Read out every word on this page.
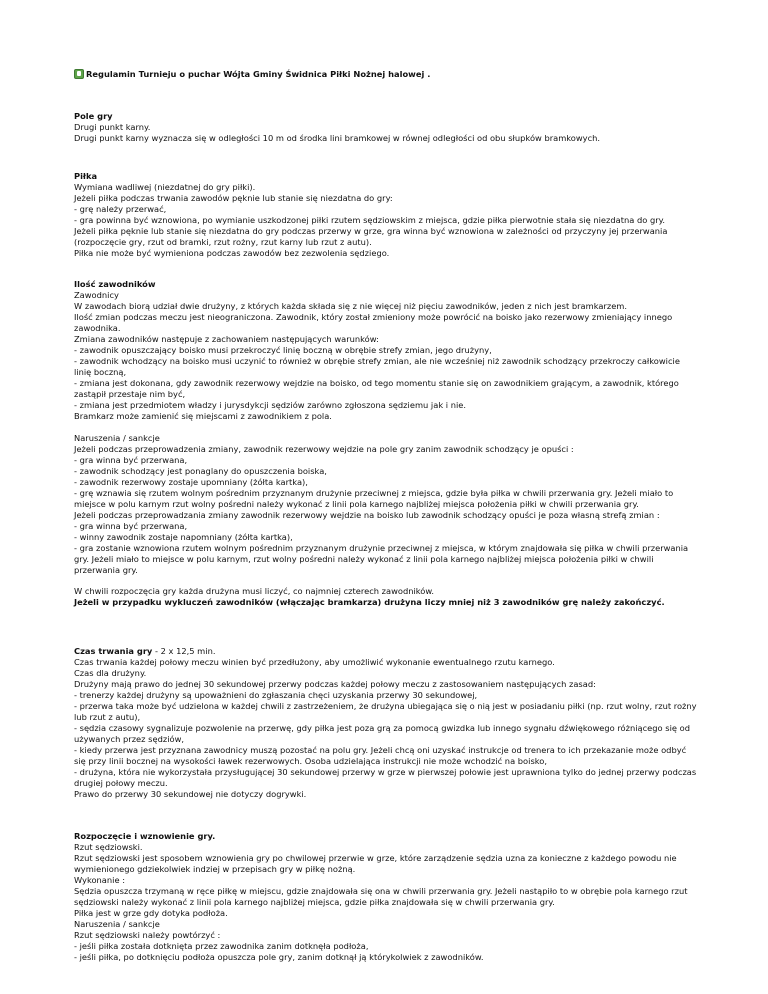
Regulamin Turnieju o puchar Wójta Gminy Świdnica Piłki Nożnej halowej .
Pole gry
Drugi punkt karny.
Drugi punkt karny wyznacza się w odległości 10 m od środka lini bramkowej w równej odległości od obu słupków bramkowych.
Piłka
Wymiana wadliwej (niezdatnej do gry piłki).
Jeżeli piłka podczas trwania zawodów pęknie lub stanie się niezdatna do gry:
- grę należy przerwać,
- gra powinna być wznowiona, po wymianie uszkodzonej piłki rzutem sędziowskim z miejsca, gdzie piłka pierwotnie stała się niezdatna do gry.
Jeżeli piłka pęknie lub stanie się niezdatna do gry podczas przerwy w grze, gra winna być wznowiona w zależności od przyczyny jej przerwania (rozpoczęcie gry, rzut od bramki, rzut rożny, rzut karny lub rzut z autu).
Piłka nie może być wymieniona podczas zawodów bez zezwolenia sędziego.
Ilość zawodników
Zawodnicy
W zawodach biorą udział dwie drużyny, z których każda składa się z nie więcej niż pięciu zawodników, jeden z nich jest bramkarzem.
Ilość zmian podczas meczu jest nieograniczona. Zawodnik, który został zmieniony może powrócić na boisko jako rezerwowy zmieniający innego zawodnika.
Zmiana zawodników następuje z zachowaniem następujących warunków:
- zawodnik opuszczający boisko musi przekroczyć linię boczną w obrębie strefy zmian, jego drużyny,
- zawodnik wchodzący na boisko musi uczynić to również w obrębie strefy zmian, ale nie wcześniej niż zawodnik schodzący przekroczy całkowicie linię boczną,
- zmiana jest dokonana, gdy zawodnik rezerwowy wejdzie na boisko, od tego momentu stanie się on zawodnikiem grającym, a zawodnik, którego zastąpił przestaje nim być,
- zmiana jest przedmiotem władzy i jurysdykcji sędziów zarówno zgłoszona sędziemu jak i nie.
Bramkarz może zamienić się miejscami z zawodnikiem z pola.
Naruszenia / sankcje
Jeżeli podczas przeprowadzenia zmiany, zawodnik rezerwowy wejdzie na pole gry zanim zawodnik schodzący je opuści :
- gra winna być przerwana,
- zawodnik schodzący jest ponaglany do opuszczenia boiska,
- zawodnik rezerwowy zostaje upomniany (żółta kartka),
- grę wznawia się rzutem wolnym pośrednim przyznanym drużynie przeciwnej z miejsca, gdzie była piłka w chwili przerwania gry. Jeżeli miało to miejsce w polu karnym rzut wolny pośredni należy wykonać z linii pola karnego najbliżej miejsca położenia piłki w chwili przerwania gry.
Jeżeli podczas przeprowadzania zmiany zawodnik rezerwowy wejdzie na boisko lub zawodnik schodzący opuści je poza własną strefą zmian :
- gra winna być przerwana,
- winny zawodnik zostaje napomniany (żółta kartka),
- gra zostanie wznowiona rzutem wolnym pośrednim przyznanym drużynie przeciwnej z miejsca, w którym znajdowała się piłka w chwili przerwania gry. Jeżeli miało to miejsce w polu karnym, rzut wolny pośredni należy wykonać z linii pola karnego najbliżej miejsca położenia piłki w chwili przerwania gry.
W chwili rozpoczęcia gry każda drużyna musi liczyć, co najmniej czterech zawodników.
Jeżeli w przypadku wykluczeń zawodników (włączając bramkarza) drużyna liczy mniej niż 3 zawodników grę należy zakończyć.
Czas trwania gry - 2 x 12,5 min.
Czas trwania każdej połowy meczu winien być przedłużony, aby umożliwić wykonanie ewentualnego rzutu karnego.
Czas dla drużyny.
Drużyny mają prawo do jednej 30 sekundowej przerwy podczas każdej połowy meczu z zastosowaniem następujących zasad:
- trenerzy każdej drużyny są upoważnieni do zgłaszania chęci uzyskania przerwy 30 sekundowej,
- przerwa taka może być udzielona w każdej chwili z zastrzeżeniem, że drużyna ubiegająca się o nią jest w posiadaniu piłki (np. rzut wolny, rzut rożny lub rzut z autu),
- sędzia czasowy sygnalizuje pozwolenie na przerwę, gdy piłka jest poza grą za pomocą gwizdka lub innego sygnału dźwiękowego różniącego się od używanych przez sędziów,
- kiedy przerwa jest przyznana zawodnicy muszą pozostać na polu gry. Jeżeli chcą oni uzyskać instrukcje od trenera to ich przekazanie może odbyć się przy linii bocznej na wysokości ławek rezerwowych. Osoba udzielająca instrukcji nie może wchodzić na boisko,
- drużyna, która nie wykorzystała przysługującej 30 sekundowej przerwy w grze w pierwszej połowie jest uprawniona tylko do jednej przerwy podczas drugiej połowy meczu.
Prawo do przerwy 30 sekundowej nie dotyczy dogrywki.
Rozpoczęcie i wznowienie gry.
Rzut sędziowski.
Rzut sędziowski jest sposobem wznowienia gry po chwilowej przerwie w grze, które zarządzenie sędzia uzna za konieczne z każdego powodu nie wymienionego gdziekolwiek indziej w przepisach gry w piłkę nożną.
Wykonanie :
Sędzia opuszcza trzymaną w ręce piłkę w miejscu, gdzie znajdowała się ona w chwili przerwania gry. Jeżeli nastąpiło to w obrębie pola karnego rzut sędziowski należy wykonać z linii pola karnego najbliżej miejsca, gdzie piłka znajdowała się w chwili przerwania gry.
Piłka jest w grze gdy dotyka podłoża.
Naruszenia / sankcje
Rzut sędziowski należy powtórzyć :
- jeśli piłka została dotknięta przez zawodnika zanim dotknęła podłoża,
- jeśli piłka, po dotknięciu podłoża opuszcza pole gry, zanim dotknął ją którykolwiek z zawodników.
